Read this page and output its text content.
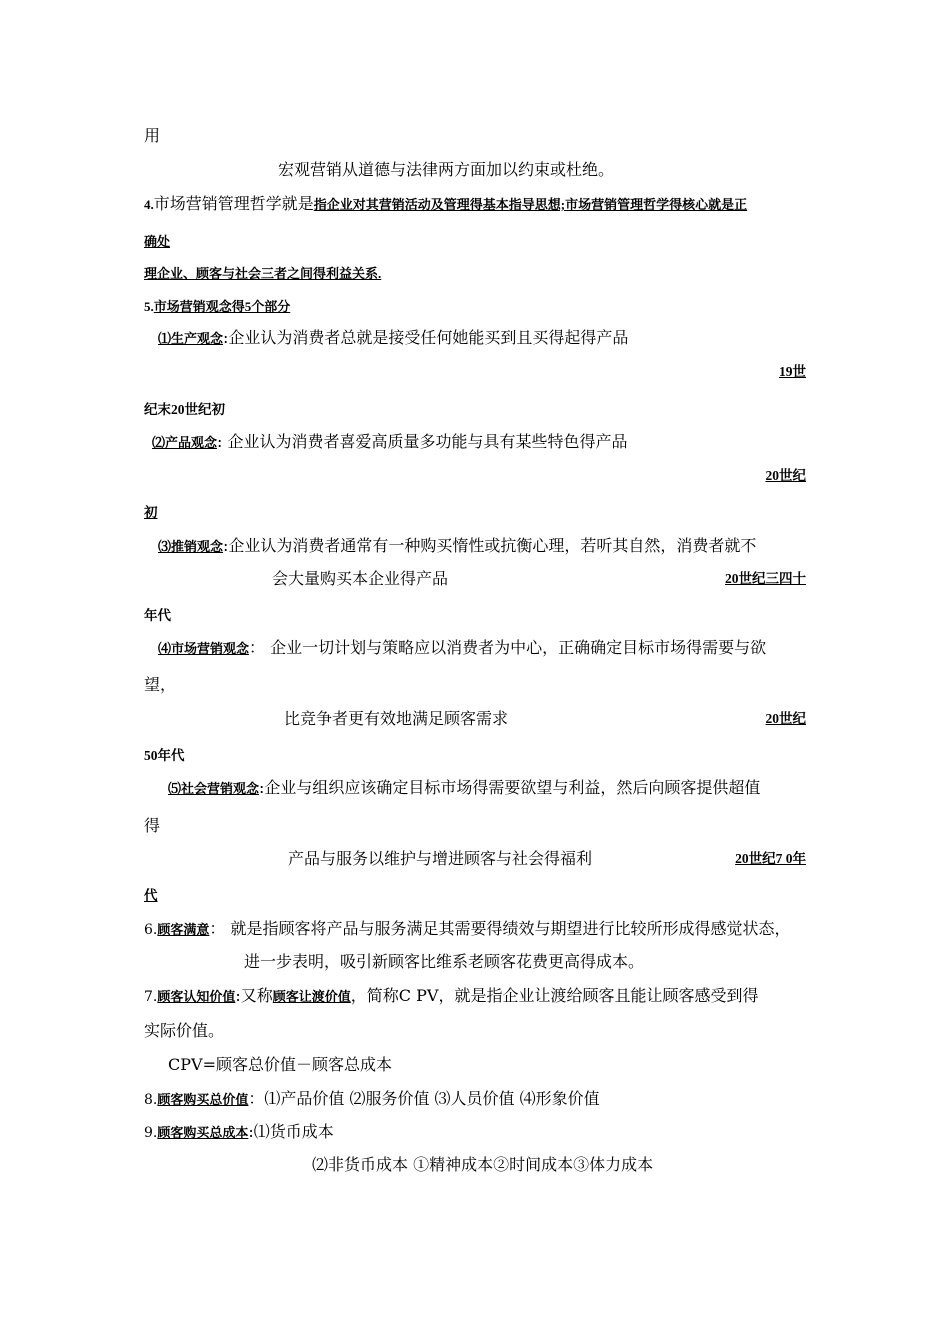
用
宏观营销从道德与法律两方面加以约束或杜绝。
4.市场营销管理哲学就是指企业对其营销活动及管理得基本指导思想;市场营销管理哲学得核心就是正
确处
理企业、顾客与社会三者之间得利益关系.
5.市场营销观念得5个部分
⑴生产观念:企业认为消费者总就是接受任何她能买到且买得起得产品
19世
纪末20世纪初
⑵产品观念: 企业认为消费者喜爱高质量多功能与具有某些特色得产品
20世纪
初
⑶推销观念:企业认为消费者通常有一种购买惰性或抗衡心理，若听其自然，消费者就不
会大量购买本企业得产品	20世纪三四十
年代
⑷市场营销观念： 企业一切计划与策略应以消费者为中心，正确确定目标市场得需要与欲
望，
比竞争者更有效地满足顾客需求	20世纪
50年代
⑸社会营销观念:企业与组织应该确定目标市场得需要欲望与利益，然后向顾客提供超值
得
产品与服务以维护与增进顾客与社会得福利	20世纪7 0年
代
6.顾客满意： 就是指顾客将产品与服务满足其需要得绩效与期望进行比较所形成得感觉状态，
进一步表明，吸引新顾客比维系老顾客花费更高得成本。
7.顾客认知价值:又称顾客让渡价值，简称C PV，就是指企业让渡给顾客且能让顾客感受到得
实际价值。
CPV=顾客总价值－顾客总成本
8.顾客购买总价值：⑴产品价值 ⑵服务价值 ⑶人员价值 ⑷形象价值
9.顾客购买总成本:⑴货币成本
⑵非货币成本 ①精神成本②时间成本③体力成本
